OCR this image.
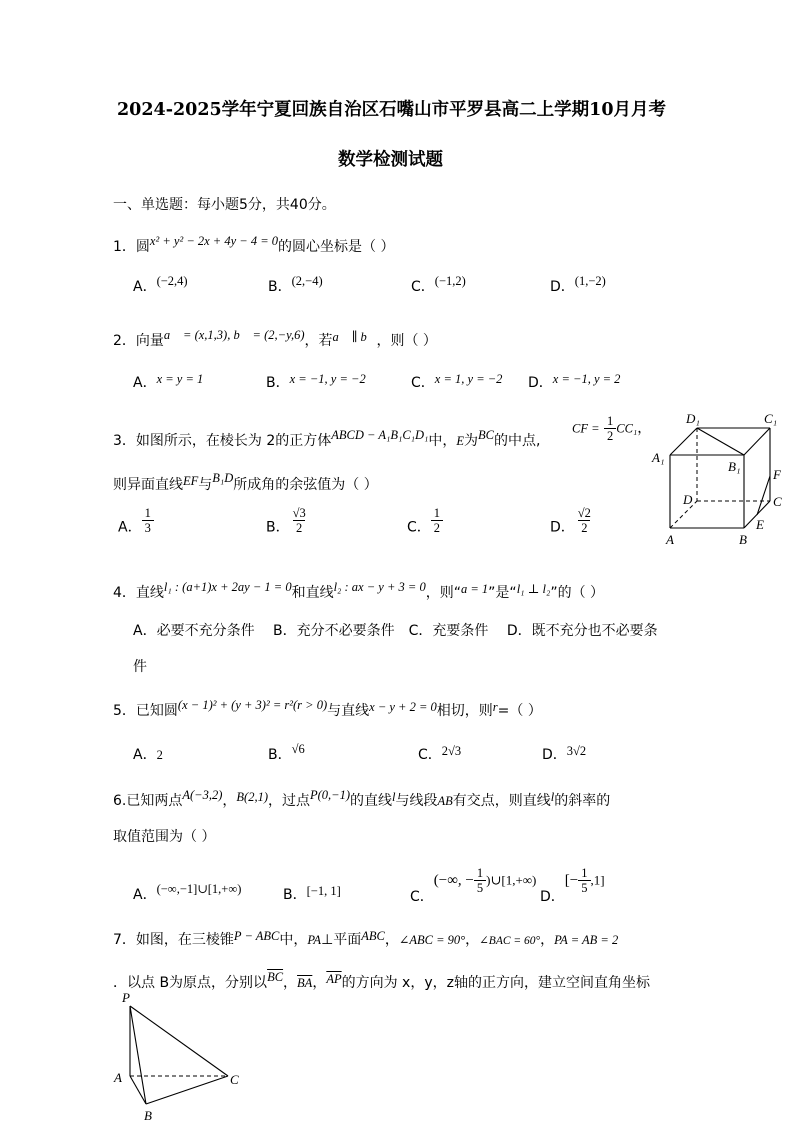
2024-2025学年宁夏回族自治区石嘴山市平罗县高二上学期10月月考
数学检测试题
一、单选题：每小题5分，共40分。
1．圆x² + y² − 2x + 4y − 4 = 0的圆心坐标是（ ）
A．(−2,4)	B．(2,−4)	C．(−1,2)	D．(1,−2)
2．向量a⃗ = (x,1,3), b⃗ = (2,−y,6)，若a⃗ ∥ b⃗，则（ ）
A．x = y = 1	B．x = −1, y = −2	C．x = 1, y = −2 D．x = −1, y = 2
3．如图所示，在棱长为 2的正方体ABCD − A₁B₁C₁D₁中，E为BC的中点,
CF = $\frac{1}{2} CC_1$，
则异面直线EF与B₁D所成角的余弦值为（ ）
A． $\frac{1}{3}$	B． $\frac{√3}{2}$	C． $\frac{1}{2}$	D． $\frac{√2}{2}$
D₁	C₁
A₁
B₁
D	C
F
A	B
E
4．直线l₁ : (a+1)x + 2ay − 1 = 0和直线l₂ : ax − y + 3 = 0，则“a = 1”是“l₁ ⊥ l₂”的（ ）
A．必要不充分条件　 B．充分不必要条件　C．充要条件　 D．既不充分也不必要条
件
5．已知圆(x − 1)² + (y + 3)² = r²(r > 0)与直线x − y + 2 = 0相切，则r=（ ）
A．2	B．√6	C．2√3	D．3√2
6.已知两点A(−3,2)，B(2,1)，过点P(0,−1)的直线l与线段AB有交点，则直线l的斜率的
取值范围为（ ）
A．(−∞,−1]∪[1,+∞)	B．[−1, 1]	C．(−∞, − $\frac{1}{5}$ )∪[1,+∞)
D．[− $\frac{1}{5} ,1$]
7．如图，在三棱锥P − ABC中，PA⊥平面ABC，∠ABC = 90°，∠BAC = 60°，PA = AB = 2
．以点 B为原点，分别以$\overline{BC}$，$\overline{BA}$，$\overline{AP}$的方向为 x，y，z轴的正方向，建立空间直角坐标
P
A
B
C
